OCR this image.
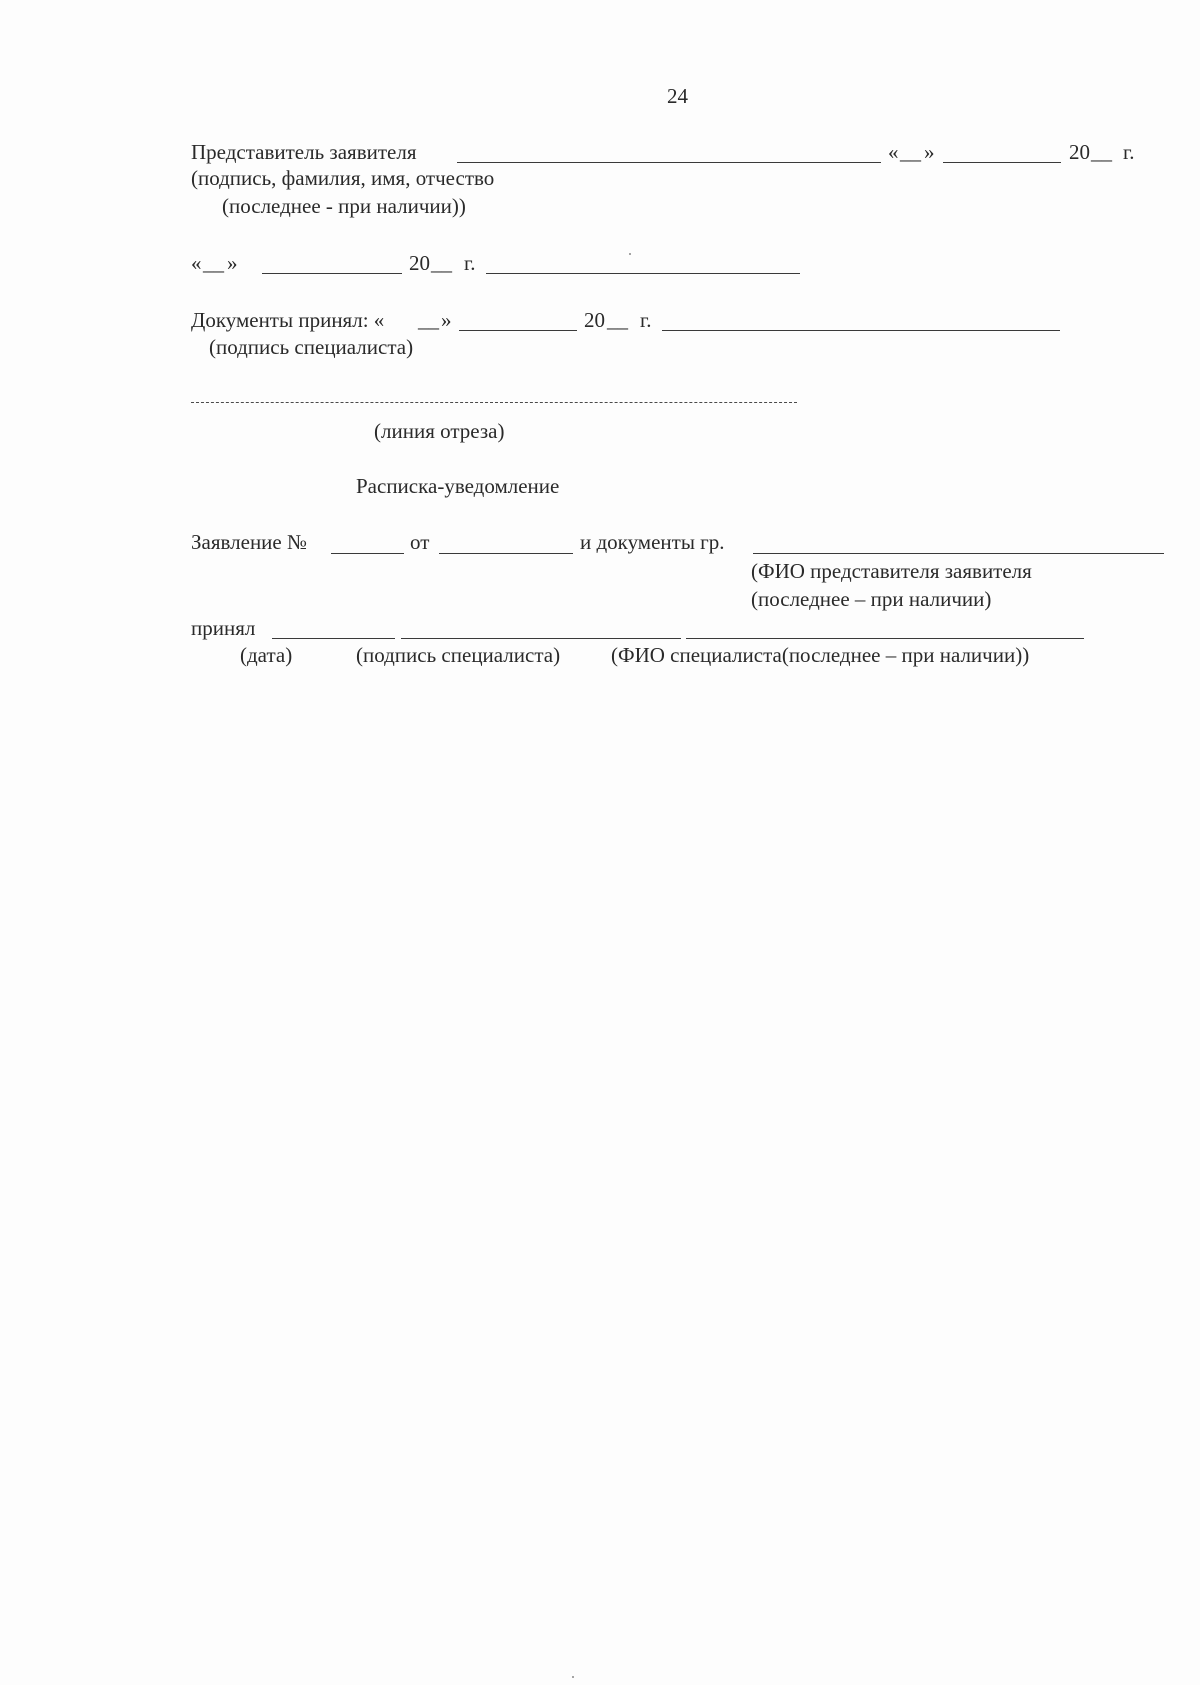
24
Представитель заявителя	« __ »	20 __ г.
(подпись, фамилия, имя, отчество
(последнее - при наличии))
« __ »	20 __ г.
Документы принял: « __ »	20 __ г.
(подпись специалиста)
(линия отреза)
Расписка-уведомление
Заявление №	от	и документы гр.
(ФИО представителя заявителя
(последнее – при наличии)
принял
(дата)	(подпись специалиста) (ФИО специалиста(последнее – при наличии))
